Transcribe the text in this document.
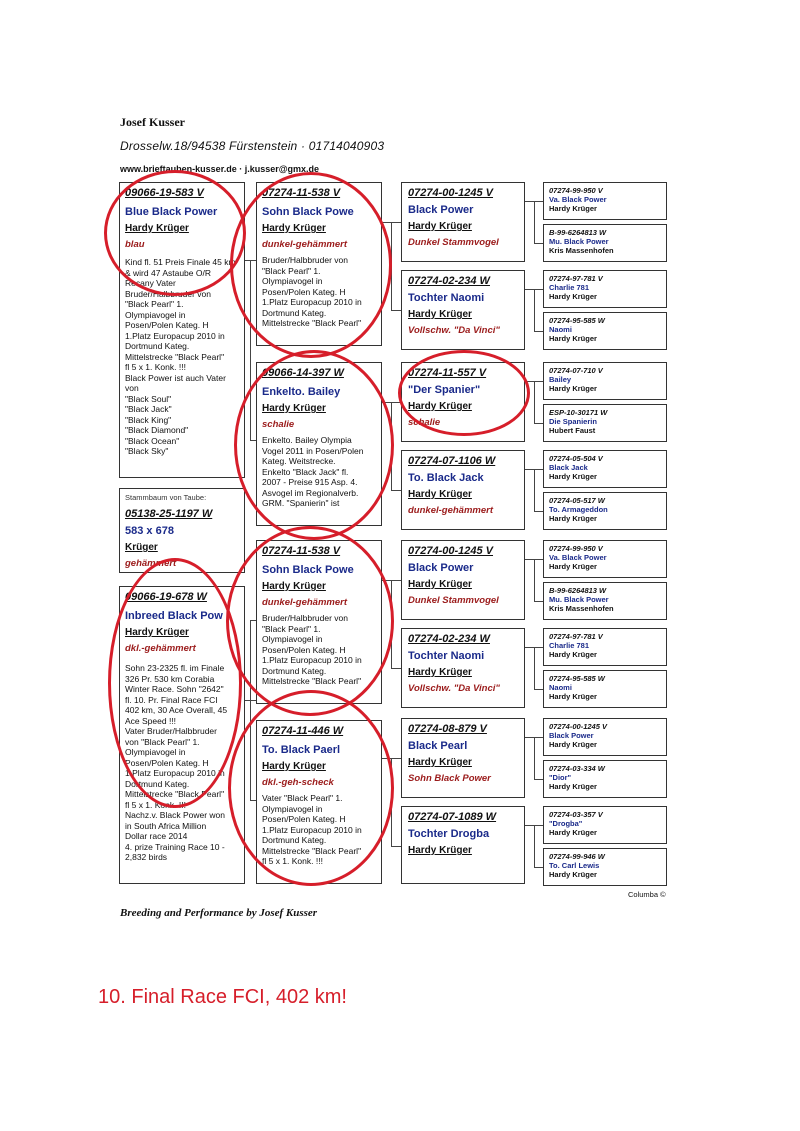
Josef Kusser
Drosselw.18/94538 Fürstenstein · 01714040903
www.brieftauben-kusser.de · j.kusser@gmx.de
09066-19-583 V
Blue Black Power
Hardy Krüger
blau
Kind fl. 51 Preis Finale 45 km & wird 47 Astaube O/R Recany Vater
Bruder/Halbbruder von
"Black Pearl" 1.
Olympiavogel in
Posen/Polen Kateg. H
1.Platz Europacup 2010 in
Dortmund Kateg.
Mittelstrecke "Black Pearl"
fl 5 x 1. Konk. !!!
Black Power ist auch Vater
von
"Black Soul"
"Black Jack"
"Black King"
"Black Diamond"
"Black Ocean"
"Black Sky"
Stammbaum von Taube:
05138-25-1197 W
583 x 678
Krüger
gehämmert
09066-19-678 W
Inbreed Black Pow
Hardy Krüger
dkl.-gehämmert
Sohn 23-2325 fl. im Finale
326 Pr. 530 km Corabia
Winter Race. Sohn "2642"
fl. 10. Pr. Final Race FCI
402 km, 30 Ace Overall, 45
Ace Speed !!!
Vater Bruder/Halbbruder
von "Black Pearl" 1.
Olympiavogel in
Posen/Polen Kateg. H
1.Platz Europacup 2010 in
Dortmund Kateg.
Mittelstrecke "Black Pearl"
fl 5 x 1. Konk. !!!
Nachz.v. Black Power won
in South Africa Million
Dollar race 2014
4. prize Training Race 10 -
2,832 birds
07274-11-538 V
Sohn Black Powe
Hardy Krüger
dunkel-gehämmert
Bruder/Halbbruder von
"Black Pearl" 1.
Olympiavogel in
Posen/Polen Kateg. H
1.Platz Europacup 2010 in
Dortmund Kateg.
Mittelstrecke "Black Pearl"
09066-14-397 W
Enkelto. Bailey
Hardy Krüger
schalie
Enkelto. Bailey Olympia
Vogel 2011 in Posen/Polen
Kateg. Weitstrecke.
Enkelto "Black Jack" fl.
2007 - Preise 915 Asp. 4.
Asvogel im Regionalverb.
GRM. "Spanierin" ist
07274-11-538 V
Sohn Black Powe
Hardy Krüger
dunkel-gehämmert
Bruder/Halbbruder von
"Black Pearl" 1.
Olympiavogel in
Posen/Polen Kateg. H
1.Platz Europacup 2010 in
Dortmund Kateg.
Mittelstrecke "Black Pearl"
07274-11-446 W
To. Black Paerl
Hardy Krüger
dkl.-geh-scheck
Vater "Black Pearl" 1.
Olympiavogel in
Posen/Polen Kateg. H
1.Platz Europacup 2010 in
Dortmund Kateg.
Mittelstrecke "Black Pearl"
fl 5 x 1. Konk. !!!
07274-00-1245 V
Black Power
Hardy Krüger
Dunkel Stammvogel
07274-02-234 W
Tochter Naomi
Hardy Krüger
Vollschw. "Da Vinci"
07274-11-557 V
"Der Spanier"
Hardy Krüger
schalie
07274-07-1106 W
To. Black Jack
Hardy Krüger
dunkel-gehämmert
07274-00-1245 V
Black Power
Hardy Krüger
Dunkel Stammvogel
07274-02-234 W
Tochter Naomi
Hardy Krüger
Vollschw. "Da Vinci"
07274-08-879 V
Black Pearl
Hardy Krüger
Sohn Black Power
07274-07-1089 W
Tochter Drogba
Hardy Krüger
07274-99-950 V
Va. Black Power
Hardy Krüger
B-99-6264813 W
Mu. Black Power
Kris Massenhofen
07274-97-781 V
Charlie 781
Hardy Krüger
07274-95-585 W
Naomi
Hardy Krüger
07274-07-710 V
Bailey
Hardy Krüger
ESP-10-30171 W
Die Spanierin
Hubert Faust
07274-05-504 V
Black Jack
Hardy Krüger
07274-05-517 W
To. Armageddon
Hardy Krüger
07274-99-950 V
Va. Black Power
Hardy Krüger
B-99-6264813 W
Mu. Black Power
Kris Massenhofen
07274-97-781 V
Charlie 781
Hardy Krüger
07274-95-585 W
Naomi
Hardy Krüger
07274-00-1245 V
Black Power
Hardy Krüger
07274-03-334 W
"Dior"
Hardy Krüger
07274-03-357 V
"Drogba"
Hardy Krüger
07274-99-946 W
To. Carl Lewis
Hardy Krüger
Columba ©
Breeding and Performance by Josef Kusser
10. Final Race FCI, 402 km!
